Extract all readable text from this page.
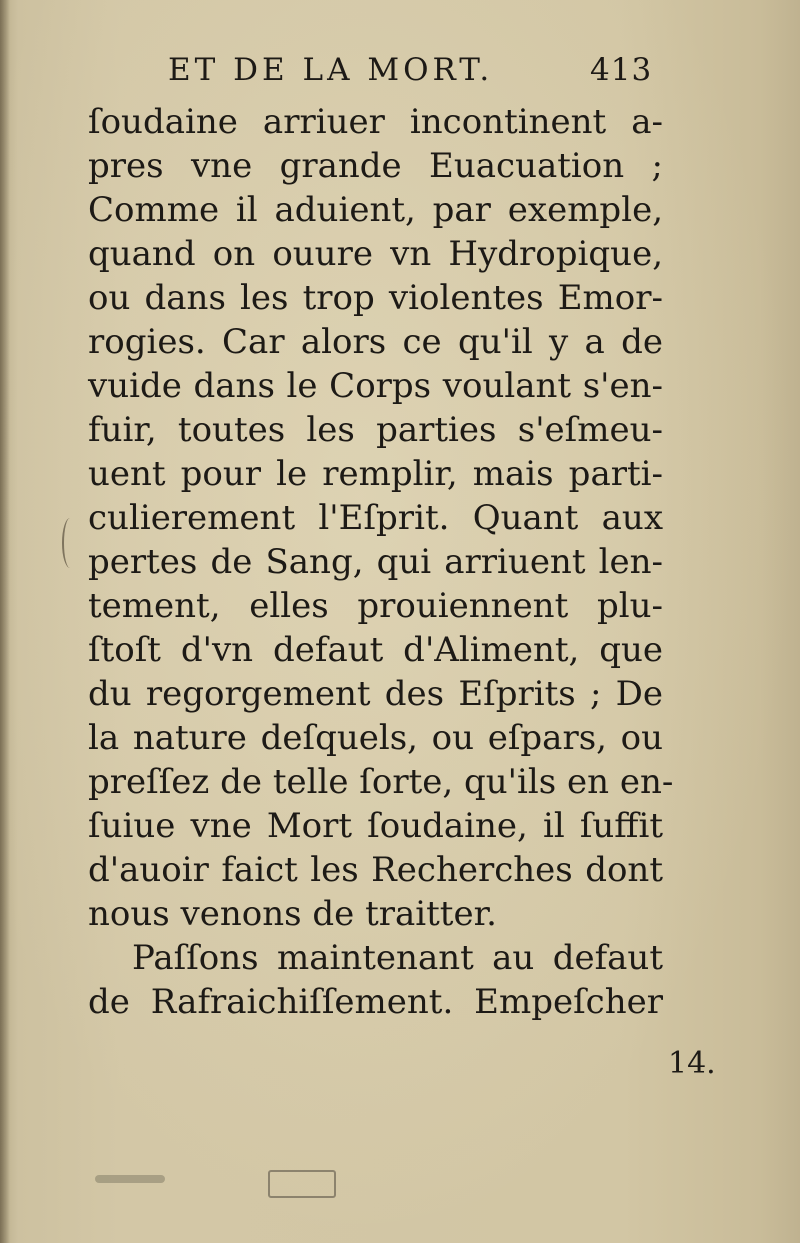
ET DE LA MORT.	413
ſoudaine arriuer incontinent a-
pres vne grande Euacuation ;
Comme il aduient, par exemple,
quand on ouure vn Hydropique,
ou dans les trop violentes Emor-
rogies. Car alors ce qu'il y a de
vuide dans le Corps voulant s'en-
fuir, toutes les parties s'eſmeu-
uent pour le remplir, mais parti-
culierement l'Eſprit. Quant aux
pertes de Sang, qui arriuent len-
tement, elles prouiennent plu-
ſtoſt d'vn defaut d'Aliment, que
du regorgement des Eſprits ; De
la nature deſquels, ou eſpars, ou
preſſez de telle ſorte, qu'ils en en-
ſuiue vne Mort ſoudaine, il ſuffit
d'auoir faict les Recherches dont
nous venons de traitter.
Paſſons maintenant au defaut
de Rafraichiſſement. Empeſcher
14.
